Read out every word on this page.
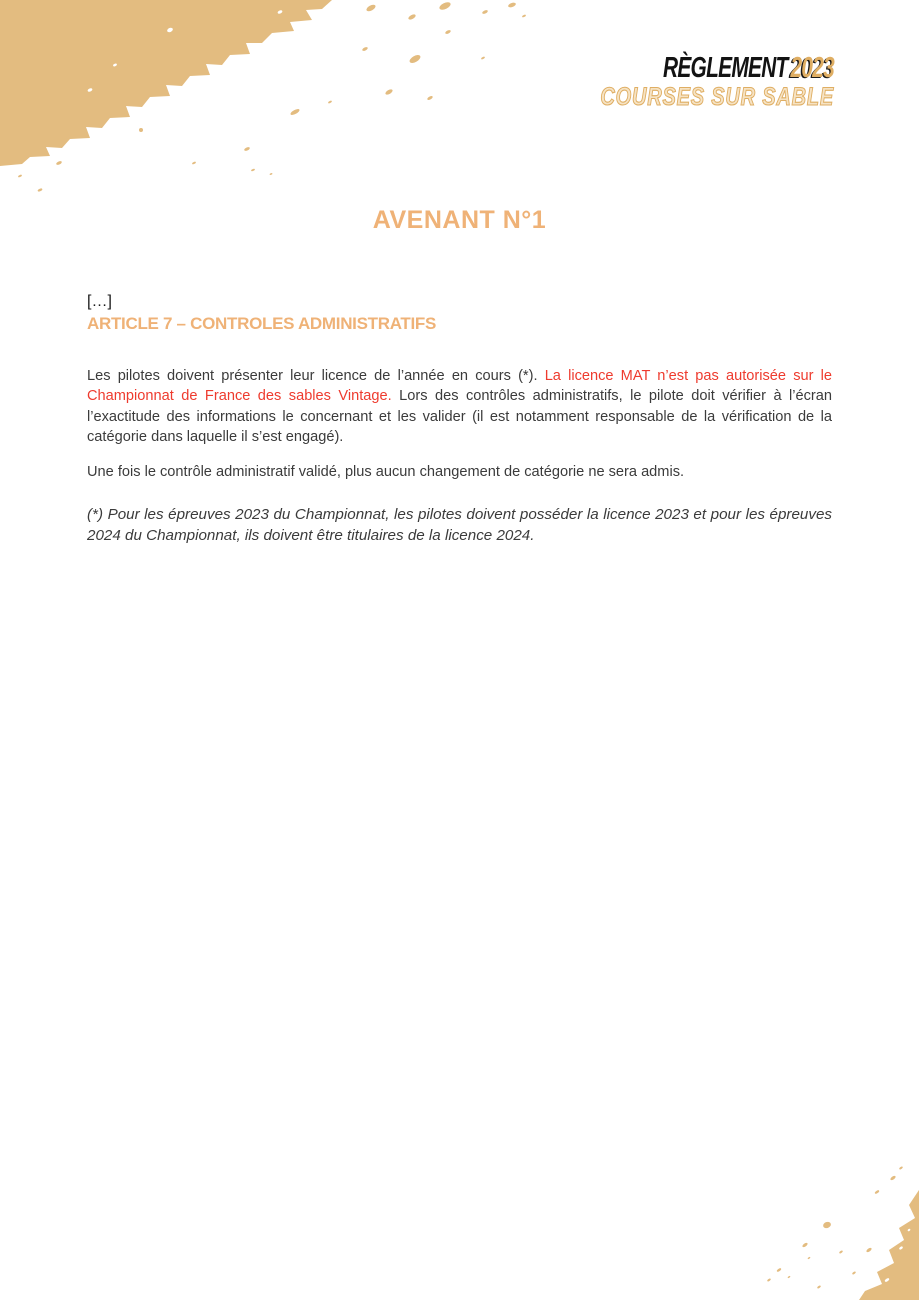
RÈGLEMENT2023
COURSES SUR SABLE
AVENANT N°1
[…]
ARTICLE 7 – CONTROLES ADMINISTRATIFS

Les pilotes doivent présenter leur licence de l’année en cours (*). La licence MAT n’est pas autorisée sur le Championnat de France des sables Vintage. Lors des contrôles administratifs, le pilote doit vérifier à l’écran l’exactitude des informations le concernant et les valider (il est notamment responsable de la vérification de la catégorie dans laquelle il s’est engagé).

Une fois le contrôle administratif validé, plus aucun changement de catégorie ne sera admis.

(*) Pour les épreuves 2023 du Championnat, les pilotes doivent posséder la licence 2023 et pour les épreuves 2024 du Championnat, ils doivent être titulaires de la licence 2024.
